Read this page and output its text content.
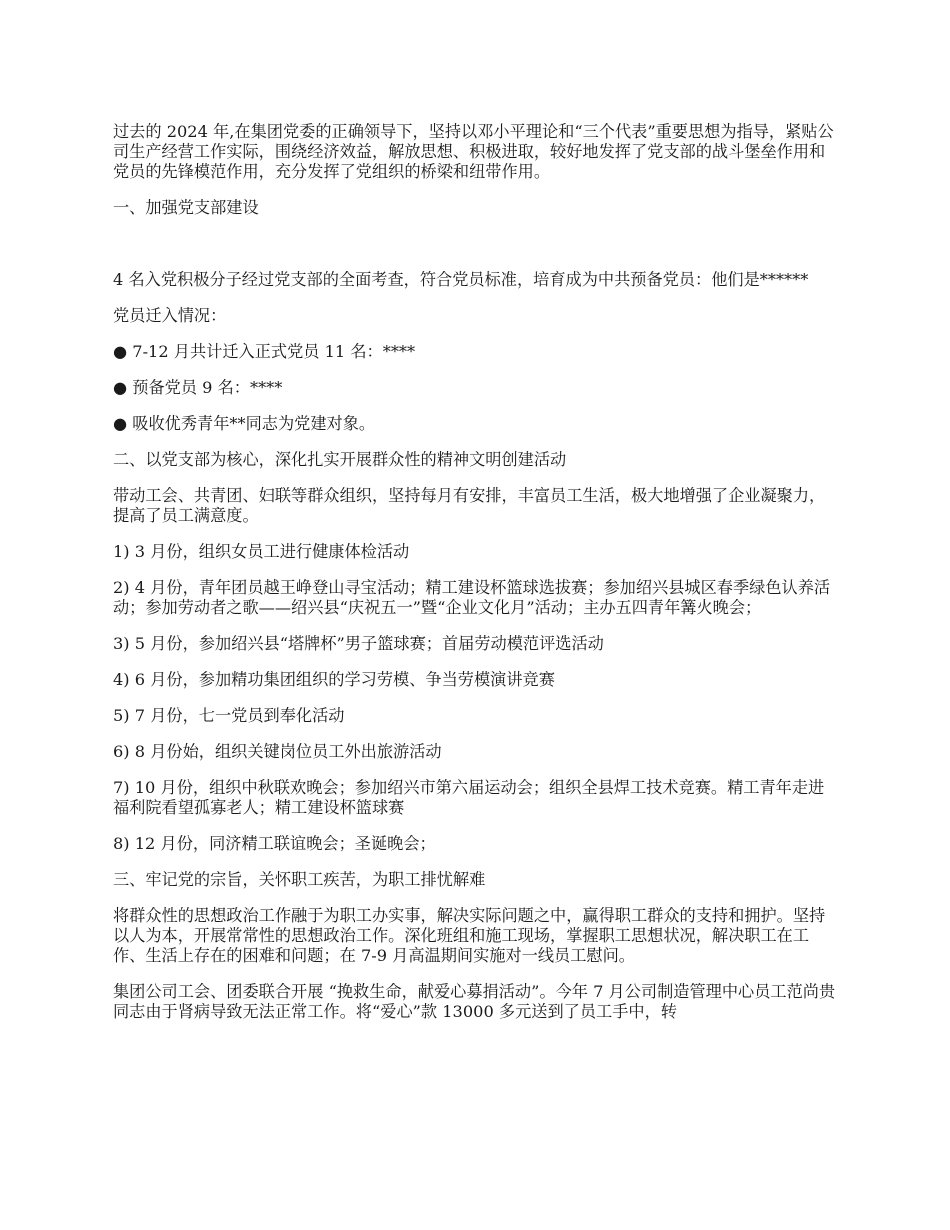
过去的 2024 年,在集团党委的正确领导下，坚持以邓小平理论和“三个代表”重要思想为指导，紧贴公司生产经营工作实际，围绕经济效益，解放思想、积极进取，较好地发挥了党支部的战斗堡垒作用和党员的先锋模范作用，充分发挥了党组织的桥梁和纽带作用。

一、加强党支部建设

4 名入党积极分子经过党支部的全面考查，符合党员标准，培育成为中共预备党员：他们是******

党员迁入情况：

● 7-12 月共计迁入正式党员 11 名：****

● 预备党员 9 名：****

● 吸收优秀青年**同志为党建对象。

二、以党支部为核心，深化扎实开展群众性的精神文明创建活动

带动工会、共青团、妇联等群众组织，坚持每月有安排，丰富员工生活，极大地增强了企业凝聚力，提高了员工满意度。

1) 3 月份，组织女员工进行健康体检活动

2) 4 月份，青年团员越王峥登山寻宝活动；精工建设杯篮球选拔赛；参加绍兴县城区春季绿色认养活动；参加劳动者之歌——绍兴县“庆祝五一”暨“企业文化月”活动；主办五四青年篝火晚会；

3) 5 月份，参加绍兴县“塔牌杯”男子篮球赛；首届劳动模范评选活动

4) 6 月份，参加精功集团组织的学习劳模、争当劳模演讲竞赛

5) 7 月份，七一党员到奉化活动

6) 8 月份始，组织关键岗位员工外出旅游活动

7) 10 月份，组织中秋联欢晚会；参加绍兴市第六届运动会；组织全县焊工技术竞赛。精工青年走进福利院看望孤寡老人；精工建设杯篮球赛

8) 12 月份，同济精工联谊晚会；圣诞晚会；

三、牢记党的宗旨，关怀职工疾苦，为职工排忧解难

将群众性的思想政治工作融于为职工办实事，解决实际问题之中，赢得职工群众的支持和拥护。坚持以人为本，开展常常性的思想政治工作。深化班组和施工现场，掌握职工思想状况，解决职工在工作、生活上存在的困难和问题；在 7-9 月高温期间实施对一线员工慰问。

集团公司工会、团委联合开展 “挽救生命，献爱心募捐活动”。今年 7 月公司制造管理中心员工范尚贵同志由于肾病导致无法正常工作。将“爱心”款 13000 多元送到了员工手中，转
